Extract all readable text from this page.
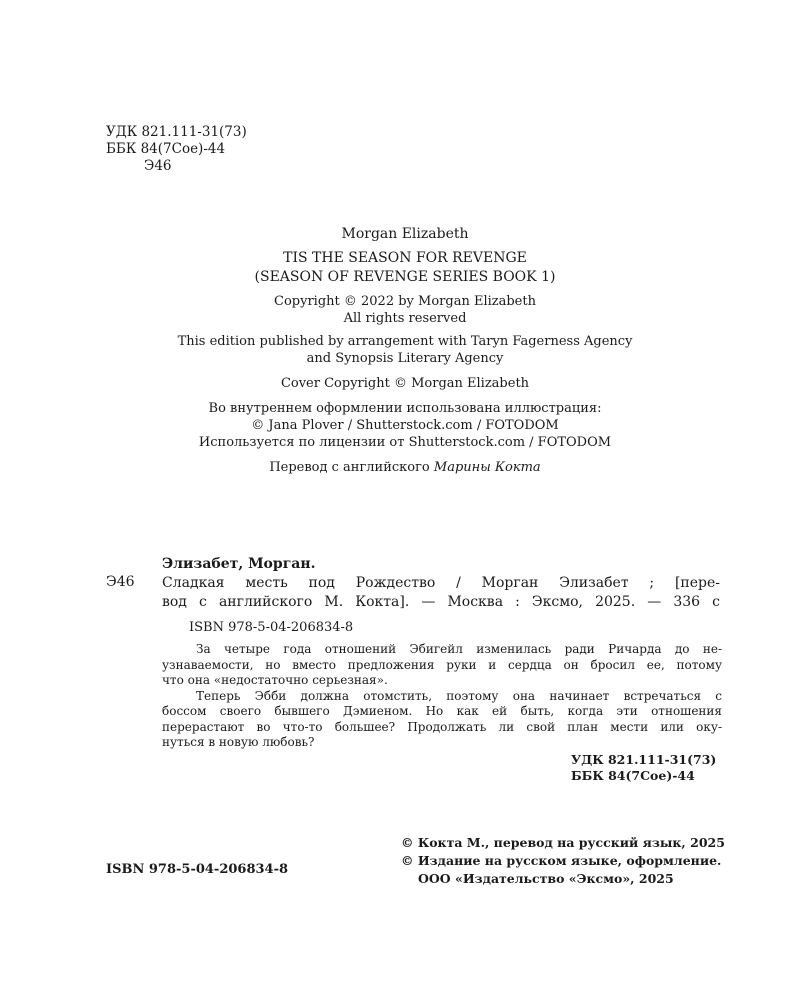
УДК 821.111-31(73)
ББК 84(7Сое)-44
Э46
Morgan Elizabeth
TIS THE SEASON FOR REVENGE
(SEASON OF REVENGE SERIES BOOK 1)
Copyright © 2022 by Morgan Elizabeth
All rights reserved
This edition published by arrangement with Taryn Fagerness Agency
and Synopsis Literary Agency
Cover Copyright © Morgan Elizabeth
Во внутреннем оформлении использована иллюстрация:
© Jana Plover / Shutterstock.com / FOTODOM
Используется по лицензии от Shutterstock.com / FOTODOM
Перевод с английского Марины Кокта
Элизабет, Морган.
Э46 Сладкая месть под Рождество / Морган Элизабет ; [пере-
вод с английского М. Кокта]. — Москва : Эксмо, 2025. — 336 с
ISBN 978-5-04-206834-8
За четыре года отношений Эбигейл изменилась ради Ричарда до не-
узнаваемости, но вместо предложения руки и сердца он бросил ее, потому
что она «недостаточно серьезная».
Теперь Эбби должна отомстить, поэтому она начинает встречаться с
боссом своего бывшего Дэмиеном. Но как ей быть, когда эти отношения
перерастают во что-то большее? Продолжать ли свой план мести или оку-
нуться в новую любовь?
УДК 821.111-31(73)
ББК 84(7Сое)-44
ISBN 978-5-04-206834-8
© Кокта М., перевод на русский язык, 2025
© Издание на русском языке, оформление.
ООО «Издательство «Эксмо», 2025
